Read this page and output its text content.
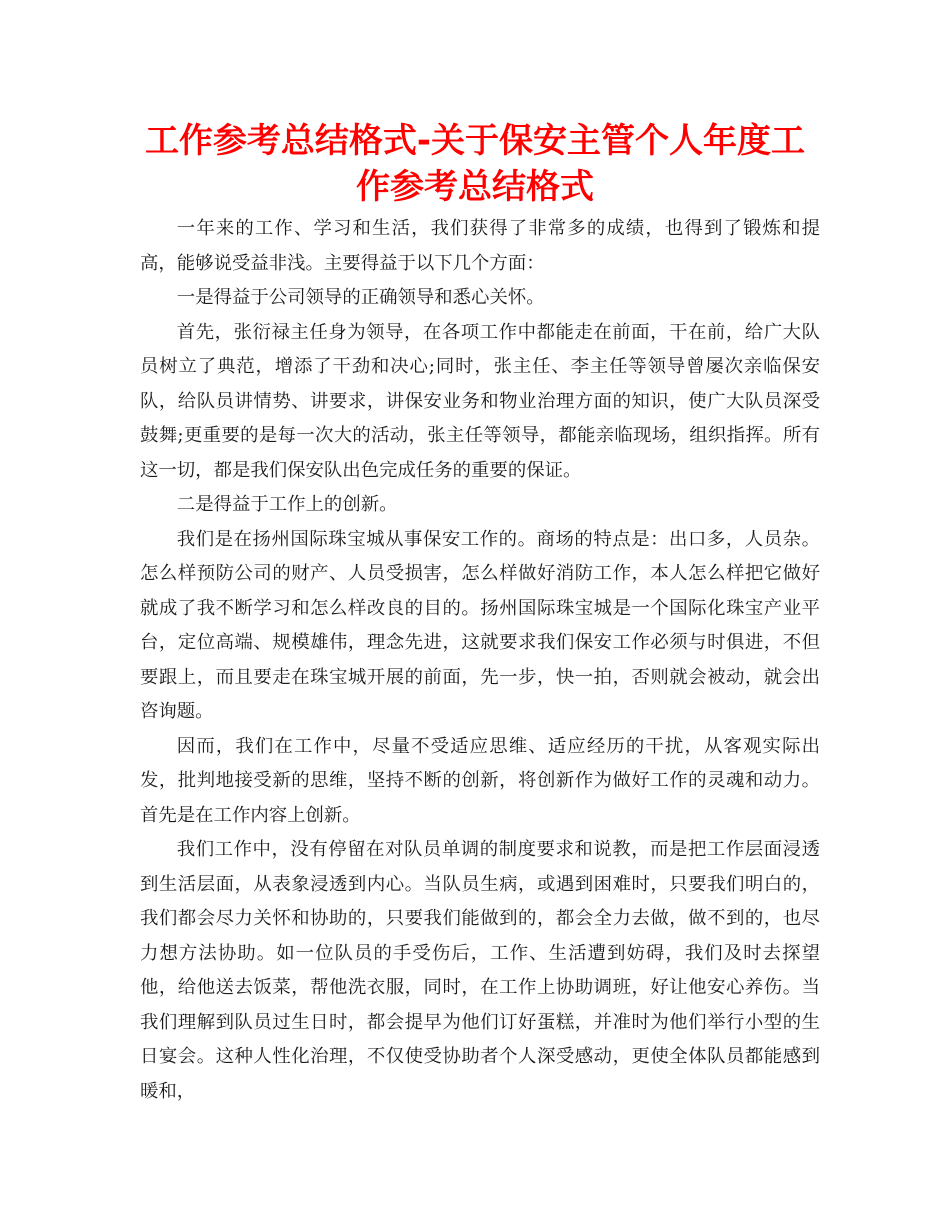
工作参考总结格式-关于保安主管个人年度工作参考总结格式

一年来的工作、学习和生活，我们获得了非常多的成绩，也得到了锻炼和提高，能够说受益非浅。主要得益于以下几个方面：

一是得益于公司领导的正确领导和悉心关怀。

首先，张衍禄主任身为领导，在各项工作中都能走在前面，干在前，给广大队员树立了典范，增添了干劲和决心;同时，张主任、李主任等领导曾屡次亲临保安队，给队员讲情势、讲要求，讲保安业务和物业治理方面的知识，使广大队员深受鼓舞;更重要的是每一次大的活动，张主任等领导，都能亲临现场，组织指挥。所有这一切，都是我们保安队出色完成任务的重要的保证。

二是得益于工作上的创新。

我们是在扬州国际珠宝城从事保安工作的。商场的特点是：出口多，人员杂。怎么样预防公司的财产、人员受损害，怎么样做好消防工作，本人怎么样把它做好就成了我不断学习和怎么样改良的目的。扬州国际珠宝城是一个国际化珠宝产业平台，定位高端、规模雄伟，理念先进，这就要求我们保安工作必须与时俱进，不但要跟上，而且要走在珠宝城开展的前面，先一步，快一拍，否则就会被动，就会出咨询题。

因而，我们在工作中，尽量不受适应思维、适应经历的干扰，从客观实际出发，批判地接受新的思维，坚持不断的创新，将创新作为做好工作的灵魂和动力。首先是在工作内容上创新。

我们工作中，没有停留在对队员单调的制度要求和说教，而是把工作层面浸透到生活层面，从表象浸透到内心。当队员生病，或遇到困难时，只要我们明白的，我们都会尽力关怀和协助的，只要我们能做到的，都会全力去做，做不到的，也尽力想方法协助。如一位队员的手受伤后，工作、生活遭到妨碍，我们及时去探望他，给他送去饭菜，帮他洗衣服，同时，在工作上协助调班，好让他安心养伤。当我们理解到队员过生日时，都会提早为他们订好蛋糕，并准时为他们举行小型的生日宴会。这种人性化治理，不仅使受协助者个人深受感动，更使全体队员都能感到暖和，
